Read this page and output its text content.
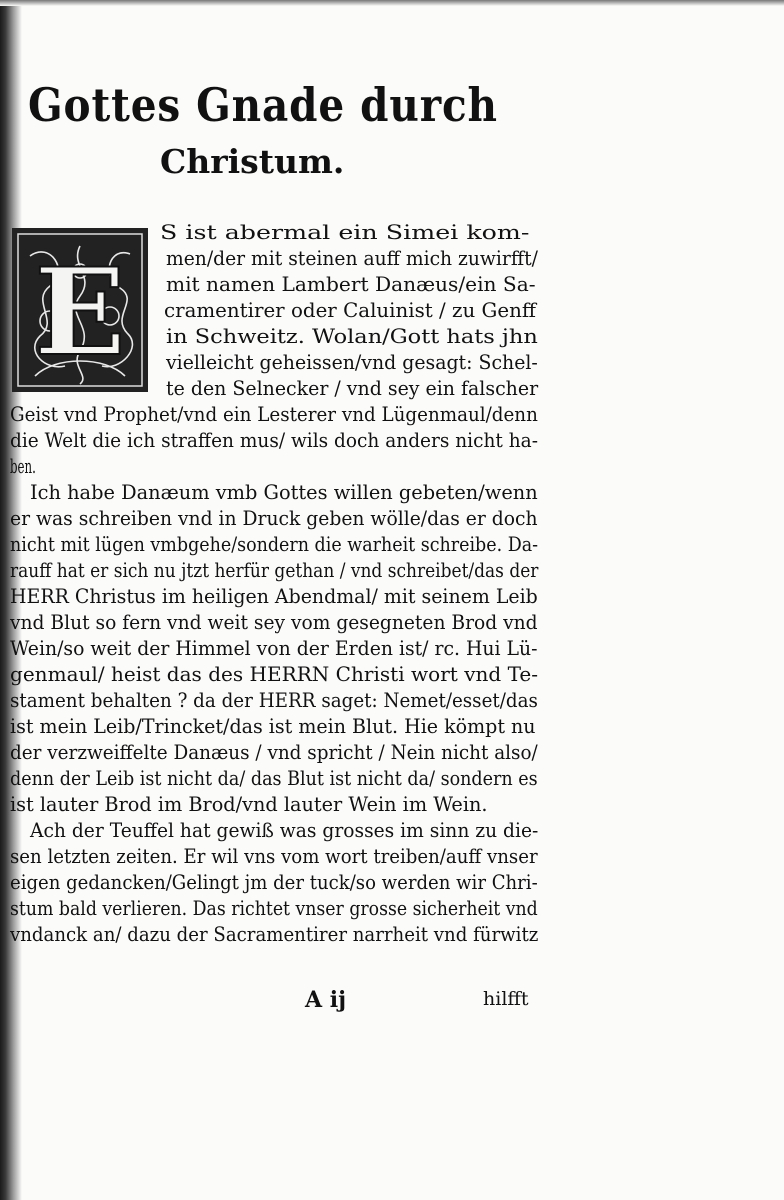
Gottes Gnade durch
Christum.
E
S ist abermal ein Simei kom-
men/der mit steinen auff mich zuwirfft/
mit namen Lambert Danæus/ein Sa-
cramentirer oder Caluinist / zu Genff
in Schweitz. Wolan/Gott hats jhn
vielleicht geheissen/vnd gesagt: Schel-
te den Selnecker / vnd sey ein falscher
Geist vnd Prophet/vnd ein Lesterer vnd Lügenmaul/denn
die Welt die ich straffen mus/ wils doch anders nicht ha-
ben.
Ich habe Danæum vmb Gottes willen gebeten/wenn
er was schreiben vnd in Druck geben wölle/das er doch
nicht mit lügen vmbgehe/sondern die warheit schreibe. Da-
rauff hat er sich nu jtzt herfür gethan / vnd schreibet/das der
HERR Christus im heiligen Abendmal/ mit seinem Leib
vnd Blut so fern vnd weit sey vom gesegneten Brod vnd
Wein/so weit der Himmel von der Erden ist/ rc. Hui Lü-
genmaul/ heist das des HERRN Christi wort vnd Te-
stament behalten ? da der HERR saget: Nemet/esset/das
ist mein Leib/Trincket/das ist mein Blut. Hie kömpt nu
der verzweiffelte Danæus / vnd spricht / Nein nicht also/
denn der Leib ist nicht da/ das Blut ist nicht da/ sondern es
ist lauter Brod im Brod/vnd lauter Wein im Wein.
Ach der Teuffel hat gewiß was grosses im sinn zu die-
sen letzten zeiten. Er wil vns vom wort treiben/auff vnser
eigen gedancken/Gelingt jm der tuck/so werden wir Chri-
stum bald verlieren. Das richtet vnser grosse sicherheit vnd
vndanck an/ dazu der Sacramentirer narrheit vnd fürwitz
A ij	hilfft
